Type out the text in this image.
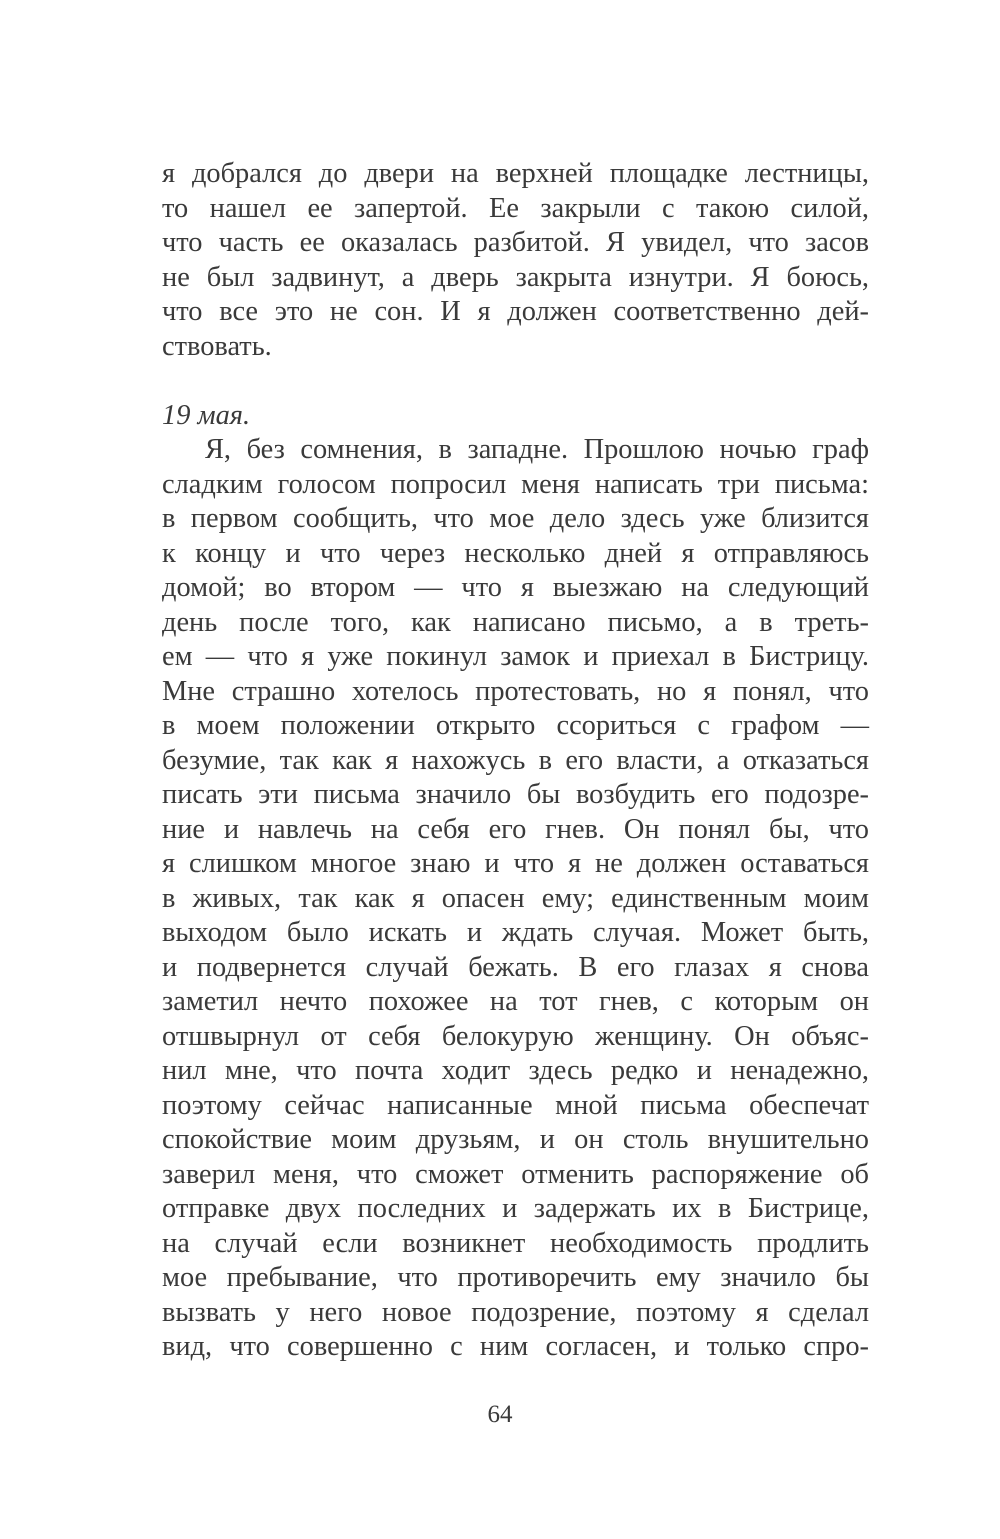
я добрался до двери на верхней площадке лестницы,
то нашел ее запертой. Ее закрыли с такою силой,
что часть ее оказалась разбитой. Я увидел, что засов
не был задвинут, а дверь закрыта изнутри. Я боюсь,
что все это не сон. И я должен соответственно дей-
ствовать.
19 мая.
Я, без сомнения, в западне. Прошлою ночью граф
сладким голосом попросил меня написать три письма:
в первом сообщить, что мое дело здесь уже близится
к концу и что через несколько дней я отправляюсь
домой; во втором — что я выезжаю на следующий
день после того, как написано письмо, а в треть-
ем — что я уже покинул замок и приехал в Бистрицу.
Мне страшно хотелось протестовать, но я понял, что
в моем положении открыто ссориться с графом —
безумие, так как я нахожусь в его власти, а отказаться
писать эти письма значило бы возбудить его подозре-
ние и навлечь на себя его гнев. Он понял бы, что
я слишком многое знаю и что я не должен оставаться
в живых, так как я опасен ему; единственным моим
выходом было искать и ждать случая. Может быть,
и подвернется случай бежать. В его глазах я снова
заметил нечто похожее на тот гнев, с которым он
отшвырнул от себя белокурую женщину. Он объяс-
нил мне, что почта ходит здесь редко и ненадежно,
поэтому сейчас написанные мной письма обеспечат
спокойствие моим друзьям, и он столь внушительно
заверил меня, что сможет отменить распоряжение об
отправке двух последних и задержать их в Бистрице,
на случай если возникнет необходимость продлить
мое пребывание, что противоречить ему значило бы
вызвать у него новое подозрение, поэтому я сделал
вид, что совершенно с ним согласен, и только спро-
64
